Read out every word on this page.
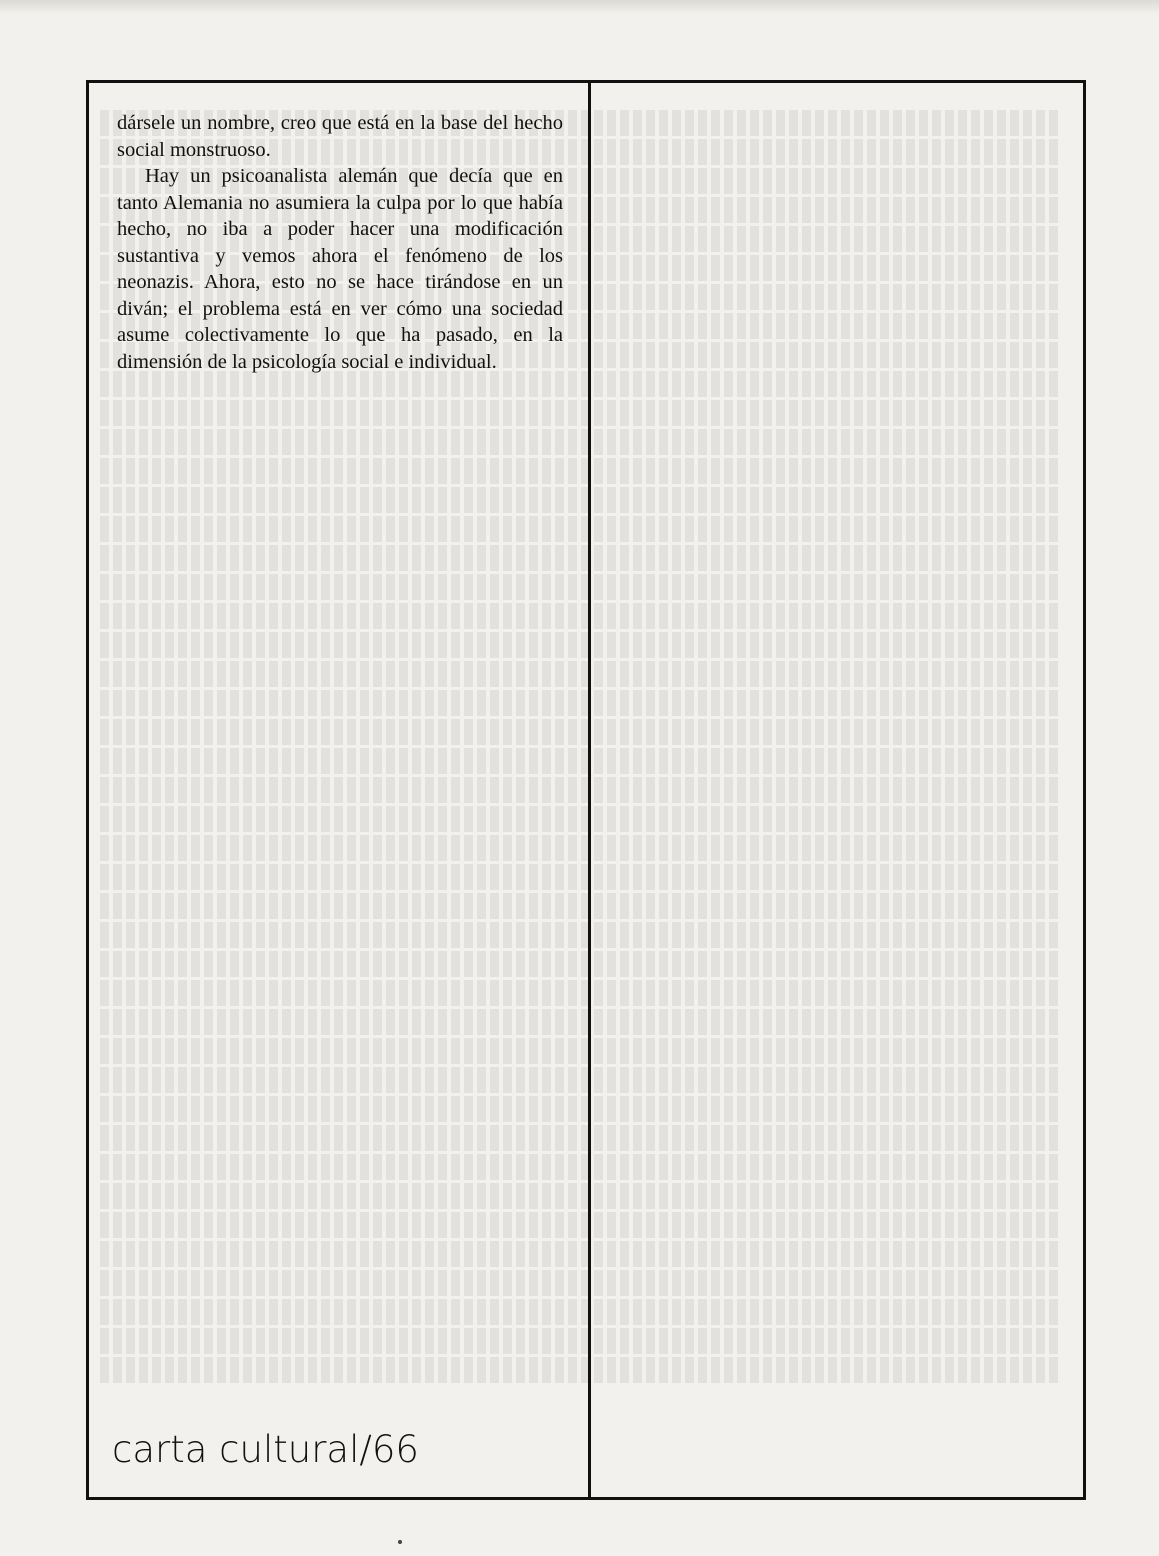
dársele un nombre, creo que está en la base del hecho social monstruoso.

Hay un psicoanalista alemán que decía que en tanto Alemania no asumiera la culpa por lo que había hecho, no iba a poder hacer una modificación sustantiva y vemos ahora el fenómeno de los neonazis. Ahora, esto no se hace tirándose en un diván; el problema está en ver cómo una sociedad asume colectivamente lo que ha pasado, en la dimensión de la psicología social e individual.

carta cultural/66
